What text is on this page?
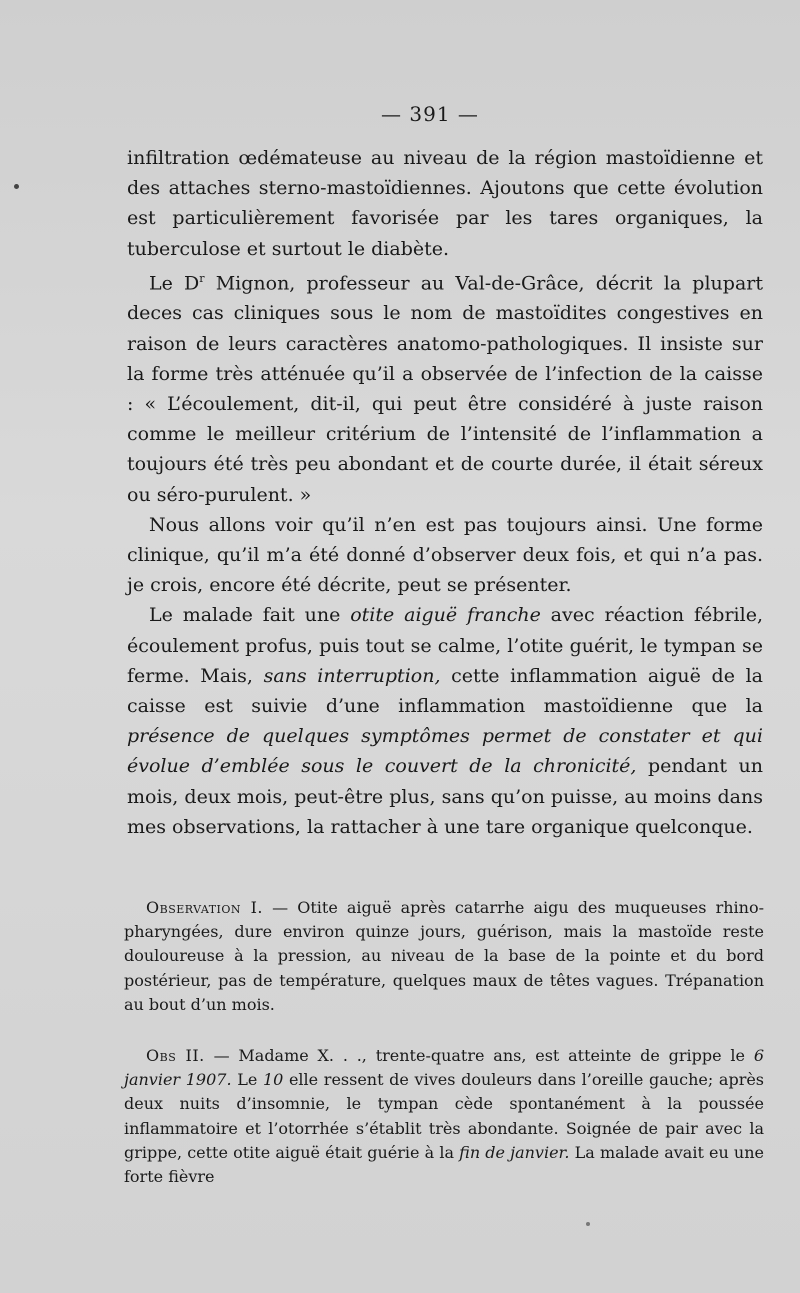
— 391 —

infiltration œdémateuse au niveau de la région mastoïdienne et des attaches sterno-mastoïdiennes. Ajoutons que cette évolution est particulièrement favorisée par les tares organiques, la tuberculose et surtout le diabète.

Le $D^r$ Mignon, professeur au Val-de-Grâce, décrit la plupart deces cas cliniques sous le nom de mastoïdites congestives en raison de leurs caractères anatomo-pathologiques. Il insiste sur la forme très atténuée qu’il a observée de l’infection de la caisse : « L’écoulement, dit-il, qui peut être considéré à juste raison comme le meilleur critérium de l’intensité de l’inflammation a toujours été très peu abondant et de courte durée, il était séreux ou séro-purulent. »

Nous allons voir qu’il n’en est pas toujours ainsi. Une forme clinique, qu’il m’a été donné d’observer deux fois, et qui n’a pas. je crois, encore été décrite, peut se présenter.

Le malade fait une otite aiguë franche avec réaction fébrile, écoulement profus, puis tout se calme, l’otite guérit, le tympan se ferme. Mais, sans interruption, cette inflammation aiguë de la caisse est suivie d’une inflammation mastoïdienne que la présence de quelques symptômes permet de constater et qui évolue d’emblée sous le couvert de la chronicité, pendant un mois, deux mois, peut-être plus, sans qu’on puisse, au moins dans mes observations, la rattacher à une tare organique quelconque.

Observation I. — Otite aiguë après catarrhe aigu des muqueuses rhino-pharyngées, dure environ quinze jours, guérison, mais la mastoïde reste douloureuse à la pression, au niveau de la base de la pointe et du bord postérieur, pas de température, quelques maux de têtes vagues. Trépanation au bout d’un mois.

Obs II. — Madame X. . ., trente-quatre ans, est atteinte de grippe le 6 janvier 1907. Le 10 elle ressent de vives douleurs dans l’oreille gauche; après deux nuits d’insomnie, le tympan cède spontanément à la poussée inflammatoire et l’otorrhée s’établit très abondante. Soignée de pair avec la grippe, cette otite aiguë était guérie à la fin de janvier. La malade avait eu une forte fièvre
